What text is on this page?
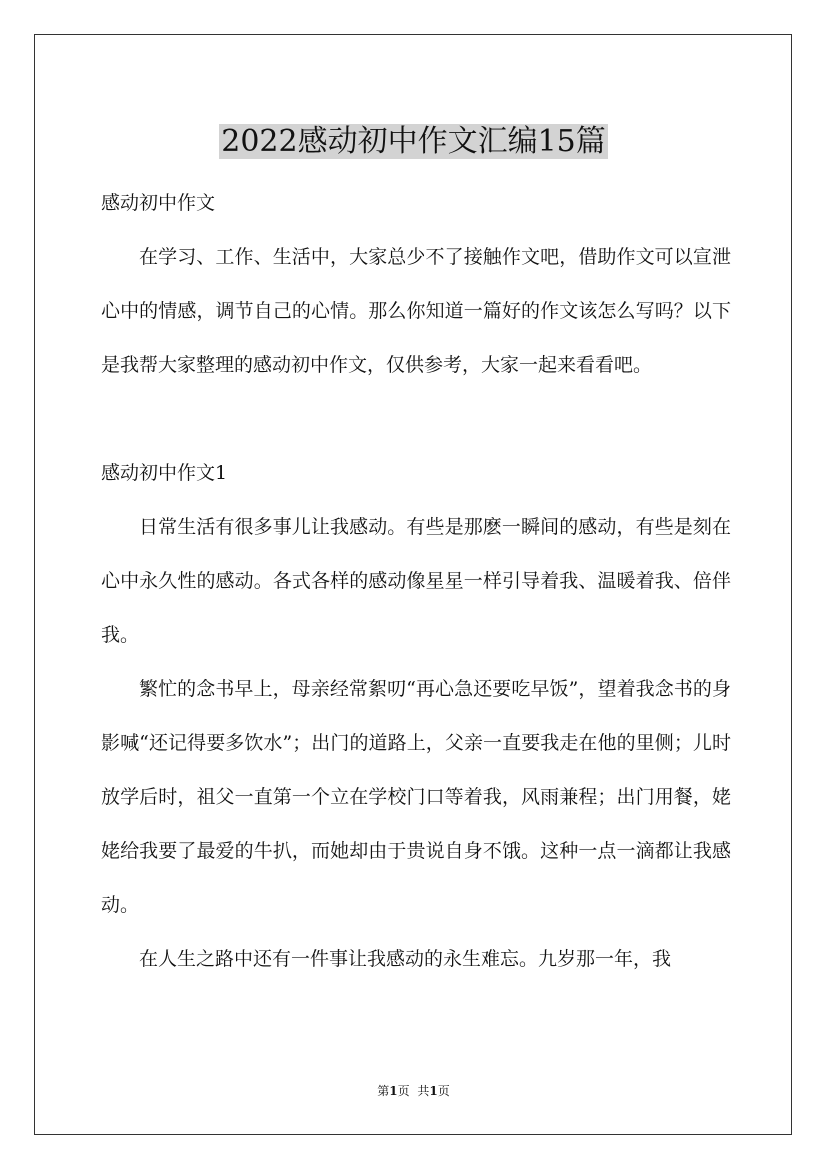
2022感动初中作文汇编15篇

感动初中作文

在学习、工作、生活中，大家总少不了接触作文吧，借助作文可以宣泄心中的情感，调节自己的心情。那么你知道一篇好的作文该怎么写吗？以下是我帮大家整理的感动初中作文，仅供参考，大家一起来看看吧。

感动初中作文1

日常生活有很多事儿让我感动。有些是那麽一瞬间的感动，有些是刻在心中永久性的感动。各式各样的感动像星星一样引导着我、温暖着我、倍伴我。

繁忙的念书早上，母亲经常絮叨“再心急还要吃早饭”，望着我念书的身影喊“还记得要多饮水”；出门的道路上，父亲一直要我走在他的里侧；儿时放学后时，祖父一直第一个立在学校门口等着我，风雨兼程；出门用餐，姥姥给我要了最爱的牛扒，而她却由于贵说自身不饿。这种一点一滴都让我感动。

在人生之路中还有一件事让我感动的永生难忘。九岁那一年，我

第1页 共1页
